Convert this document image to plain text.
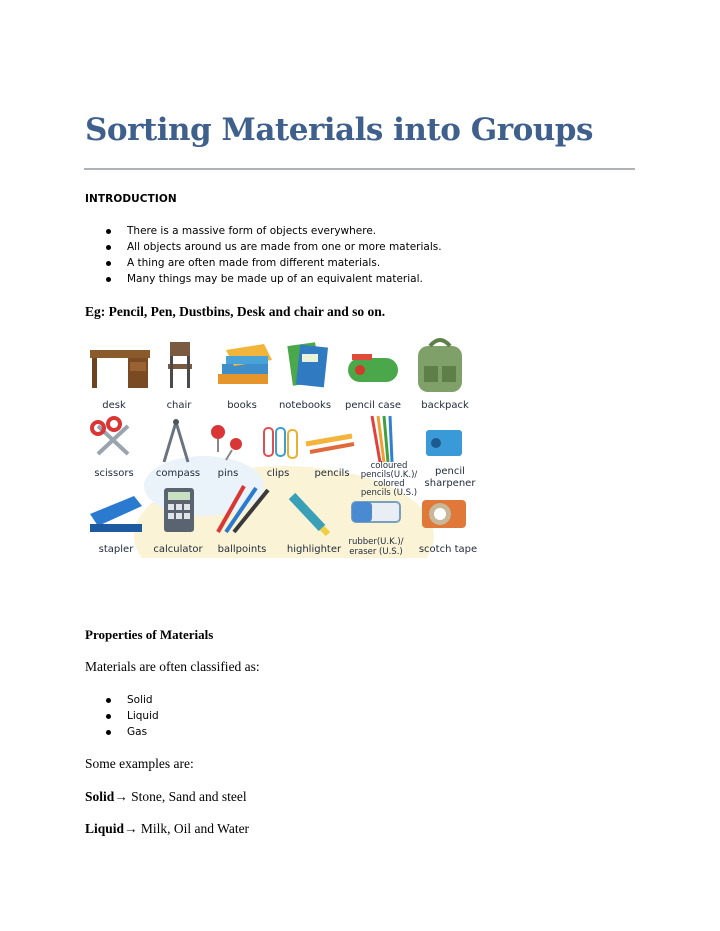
Sorting Materials into Groups
INTRODUCTION
There is a massive form of objects everywhere.
All objects around us are made from one or more materials.
A thing are often made from different materials.
Many things may be made up of an equivalent material.

Eg: Pencil, Pen, Dustbins, Desk and chair and so on.

desk	chair	books notebooks pencil case backpack
scissors compass pins	clips	pencils
coloured
pencils(U.K.)/
colored
pencils (U.S.)
pencil
sharpener
stapler calculator ballpoints highlighter
rubber(U.K.)/
eraser (U.S.) scotch tape
Properties of Materials

Materials are often classified as:

Solid
Liquid
Gas

Some examples are:

Solid→ Stone, Sand and steel

Liquid→ Milk, Oil and Water
